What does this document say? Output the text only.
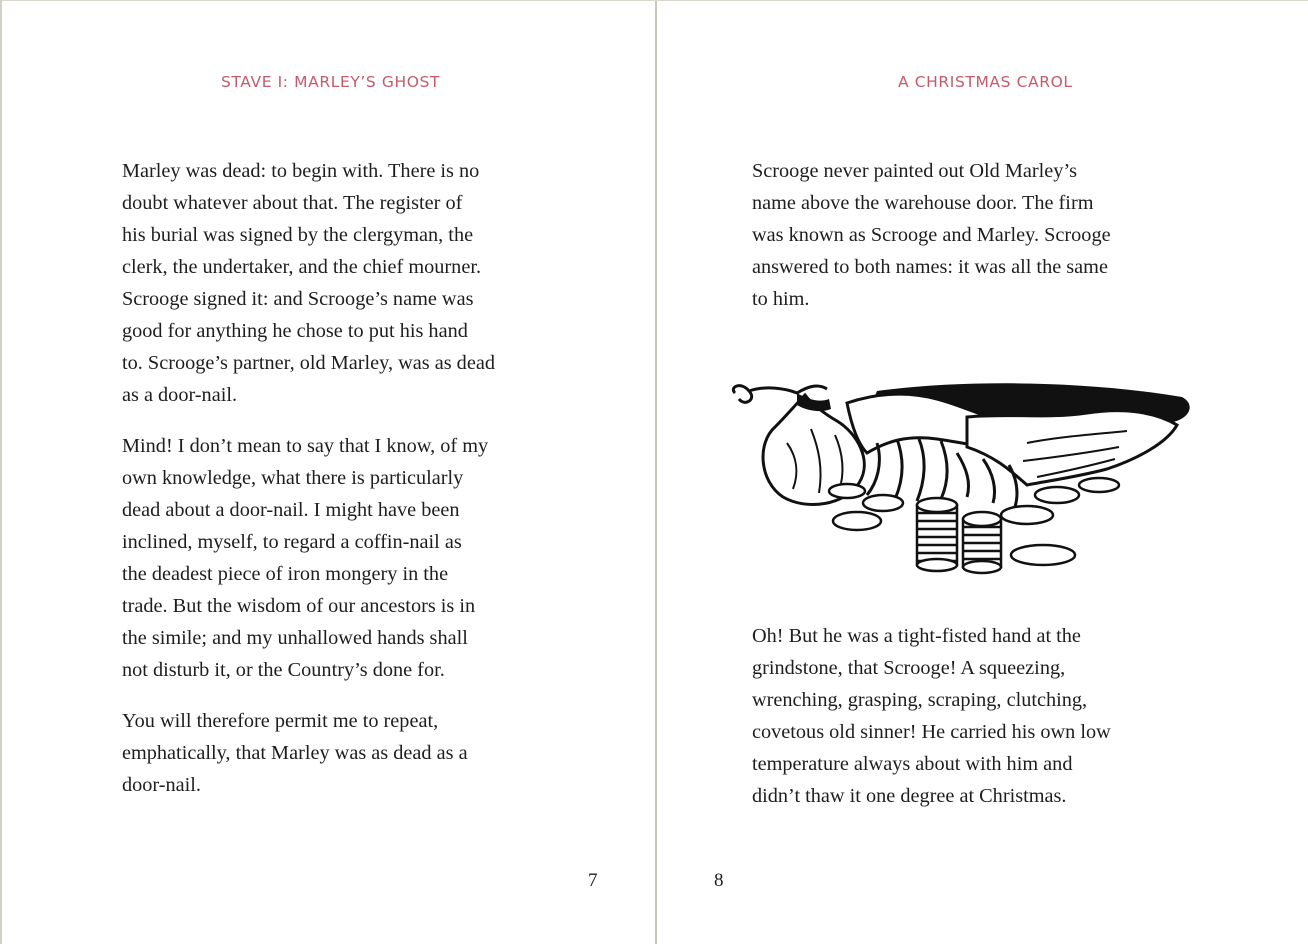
STAVE I: MARLEY’S GHOST
Marley was dead: to begin with. There is no
doubt whatever about that. The register of
his burial was signed by the clergyman, the
clerk, the undertaker, and the chief mourner.
Scrooge signed it: and Scrooge’s name was
good for anything he chose to put his hand
to. Scrooge’s partner, old Marley, was as dead
as a door-nail.
Mind! I don’t mean to say that I know, of my
own knowledge, what there is particularly
dead about a door-nail. I might have been
inclined, myself, to regard a coffin-nail as
the deadest piece of iron mongery in the
trade. But the wisdom of our ancestors is in
the simile; and my unhallowed hands shall
not disturb it, or the Country’s done for.
You will therefore permit me to repeat,
emphatically, that Marley was as dead as a
door-nail.
7
A CHRISTMAS CAROL
Scrooge never painted out Old Marley’s
name above the warehouse door. The firm
was known as Scrooge and Marley. Scrooge
answered to both names: it was all the same
to him.
Oh! But he was a tight-fisted hand at the
grindstone, that Scrooge! A squeezing,
wrenching, grasping, scraping, clutching,
covetous old sinner! He carried his own low
temperature always about with him and
didn’t thaw it one degree at Christmas.
8
